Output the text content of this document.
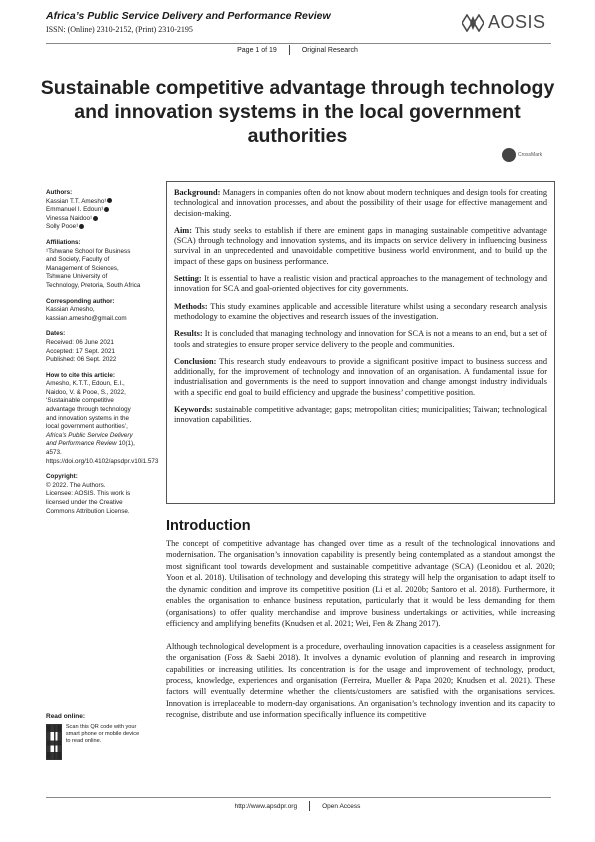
Africa’s Public Service Delivery and Performance Review
ISSN: (Online) 2310-2152, (Print) 2310-2195	AOSIS
Page 1 of 19	Original Research
Sustainable competitive advantage through technology and innovation systems in the local government authorities
CrossMark
Authors:
Kassian T.T. Amesho¹
Emmanuel I. Edoun¹
Vinessa Naidoo¹
Solly Pooe¹
Affiliations:
¹Tshwane School for Business and Society, Faculty of Management of Sciences, Tshwane University of Technology, Pretoria, South Africa
Corresponding author:
Kassian Amesho,
kassian.amesho@gmail.com
Dates:
Received: 06 June 2021
Accepted: 17 Sept. 2021
Published: 06 Sept. 2022
How to cite this article:
Amesho, K.T.T., Edoun, E.I., Naidoo, V. & Pooe, S., 2022, ‘Sustainable competitive advantage through technology and innovation systems in the local government authorities’, Africa’s Public Service Delivery and Performance Review 10(1), a573. https://doi.org/10.4102/apsdpr.v10i1.573
Copyright:
© 2022. The Authors.
Licensee: AOSIS. This work is licensed under the Creative Commons Attribution License.
Read online:
Scan this QR code with your smart phone or mobile device to read online.

Background: Managers in companies often do not know about modern techniques and design tools for creating technological and innovation processes, and about the possibility of their usage for effective management and decision-making.

Aim: This study seeks to establish if there are eminent gaps in managing sustainable competitive advantage (SCA) through technology and innovation systems, and its impacts on service delivery in influencing business survival in an unprecedented and unavoidable competitive business world environment, and to build up the impact of these gaps on business performance.

Setting: It is essential to have a realistic vision and practical approaches to the management of technology and innovation for SCA and goal-oriented objectives for city governments.

Methods: This study examines applicable and accessible literature whilst using a secondary research analysis methodology to examine the objectives and research issues of the investigation.

Results: It is concluded that managing technology and innovation for SCA is not a means to an end, but a set of tools and strategies to ensure proper service delivery to the people and communities.

Conclusion: This research study endeavours to provide a significant positive impact to business success and additionally, for the improvement of technology and innovation of an organisation. A fundamental issue for industrialisation and governments is the need to support innovation and change amongst industry individuals with a specific end goal to build efficiency and upgrade the business’ competitive position.

Keywords: sustainable competitive advantage; gaps; metropolitan cities; municipalities; Taiwan; technological innovation capabilities.

Introduction

The concept of competitive advantage has changed over time as a result of the technological innovations and modernisation. The organisation’s innovation capability is presently being contemplated as a standout amongst the most significant tool towards development and sustainable competitive advantage (SCA) (Leonidou et al. 2020; Yoon et al. 2018). Utilisation of technology and developing this strategy will help the organisation to adapt itself to the dynamic condition and improve its competitive position (Li et al. 2020b; Santoro et al. 2018). Furthermore, it enables the organisation to enhance business reputation, particularly that it would be less demanding for them (organisations) to offer quality merchandise and improve business undertakings or activities, while increasing efficiency and amplifying benefits (Knudsen et al. 2021; Wei, Fen & Zhang 2017).

Although technological development is a procedure, overhauling innovation capacities is a ceaseless assignment for the organisation (Foss & Saebi 2018). It involves a dynamic evolution of planning and research in improving capabilities or increasing utilities. Its concentration is for the usage and improvement of technology, product, process, knowledge, experiences and organisation (Ferreira, Mueller & Papa 2020; Knudsen et al. 2021). These factors will eventually determine whether the clients/customers are satisfied with the organisations services. Innovation is irreplaceable to modern-day organisations. An organisation’s technology invention and its capacity to recognise, distribute and use information specifically influence its competitive

http://www.apsdpr.org	Open Access
